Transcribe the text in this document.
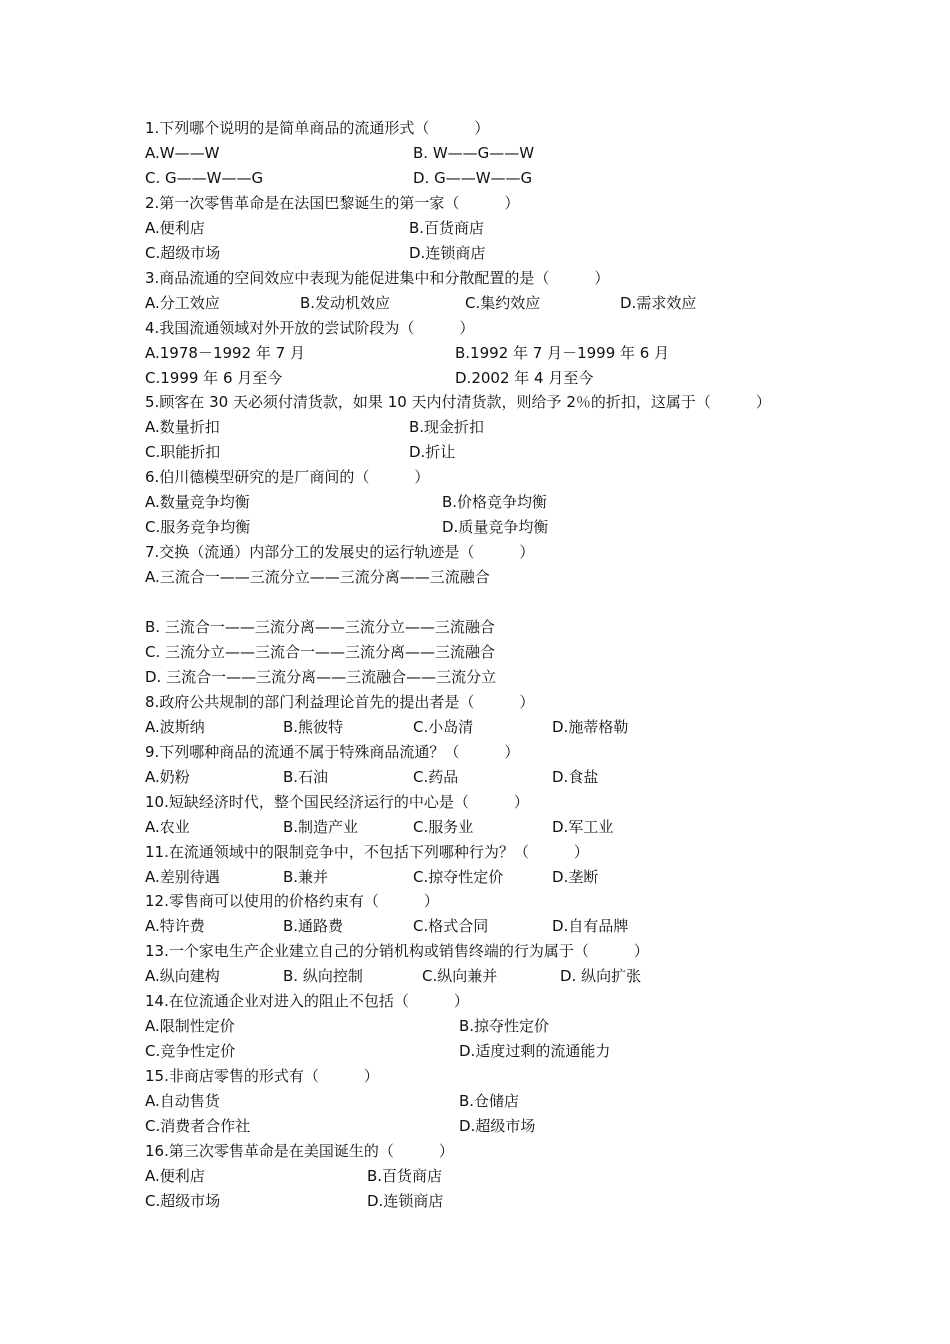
1.下列哪个说明的是简单商品的流通形式（　　　）
A.W——W	B. W——G——W
C. G——W——G	D. G——W——G
2.第一次零售革命是在法国巴黎诞生的第一家（　　　）
A.便利店	B.百货商店
C.超级市场	D.连锁商店
3.商品流通的空间效应中表现为能促进集中和分散配置的是（　　　）
A.分工效应	B.发动机效应	C.集约效应	D.需求效应
4.我国流通领域对外开放的尝试阶段为（　　　）
A.1978－1992 年 7 月	B.1992 年 7 月－1999 年 6 月
C.1999 年 6 月至今	D.2002 年 4 月至今
5.顾客在 30 天必须付清货款，如果 10 天内付清货款，则给予 2％的折扣，这属于（　　　）
A.数量折扣	B.现金折扣
C.职能折扣	D.折让
6.伯川德模型研究的是厂商间的（　　　）
A.数量竞争均衡	B.价格竞争均衡
C.服务竞争均衡	D.质量竞争均衡
7.交换（流通）内部分工的发展史的运行轨迹是（　　　）
A.三流合一——三流分立——三流分离——三流融合
B. 三流合一——三流分离——三流分立——三流融合
C. 三流分立——三流合一——三流分离——三流融合
D. 三流合一——三流分离——三流融合——三流分立
8.政府公共规制的部门利益理论首先的提出者是（　　　）
A.波斯纳	B.熊彼特	C.小岛清	D.施蒂格勒
9.下列哪种商品的流通不属于特殊商品流通？（　　　）
A.奶粉	B.石油	C.药品	D.食盐
10.短缺经济时代，整个国民经济运行的中心是（　　　）
A.农业	B.制造产业	C.服务业	D.军工业
11.在流通领域中的限制竞争中，不包括下列哪种行为？（　　　）
A.差别待遇	B.兼并	C.掠夺性定价	D.垄断
12.零售商可以使用的价格约束有（　　　）
A.特许费	B.通路费	C.格式合同	D.自有品牌
13.一个家电生产企业建立自己的分销机构或销售终端的行为属于（　　　）
A.纵向建构	B. 纵向控制	C.纵向兼并	D. 纵向扩张
14.在位流通企业对进入的阻止不包括（　　　）
A.限制性定价	B.掠夺性定价
C.竞争性定价	D.适度过剩的流通能力
15.非商店零售的形式有（　　　）
A.自动售货	B.仓储店
C.消费者合作社	D.超级市场
16.第三次零售革命是在美国诞生的（　　　）
A.便利店	B.百货商店
C.超级市场	D.连锁商店
